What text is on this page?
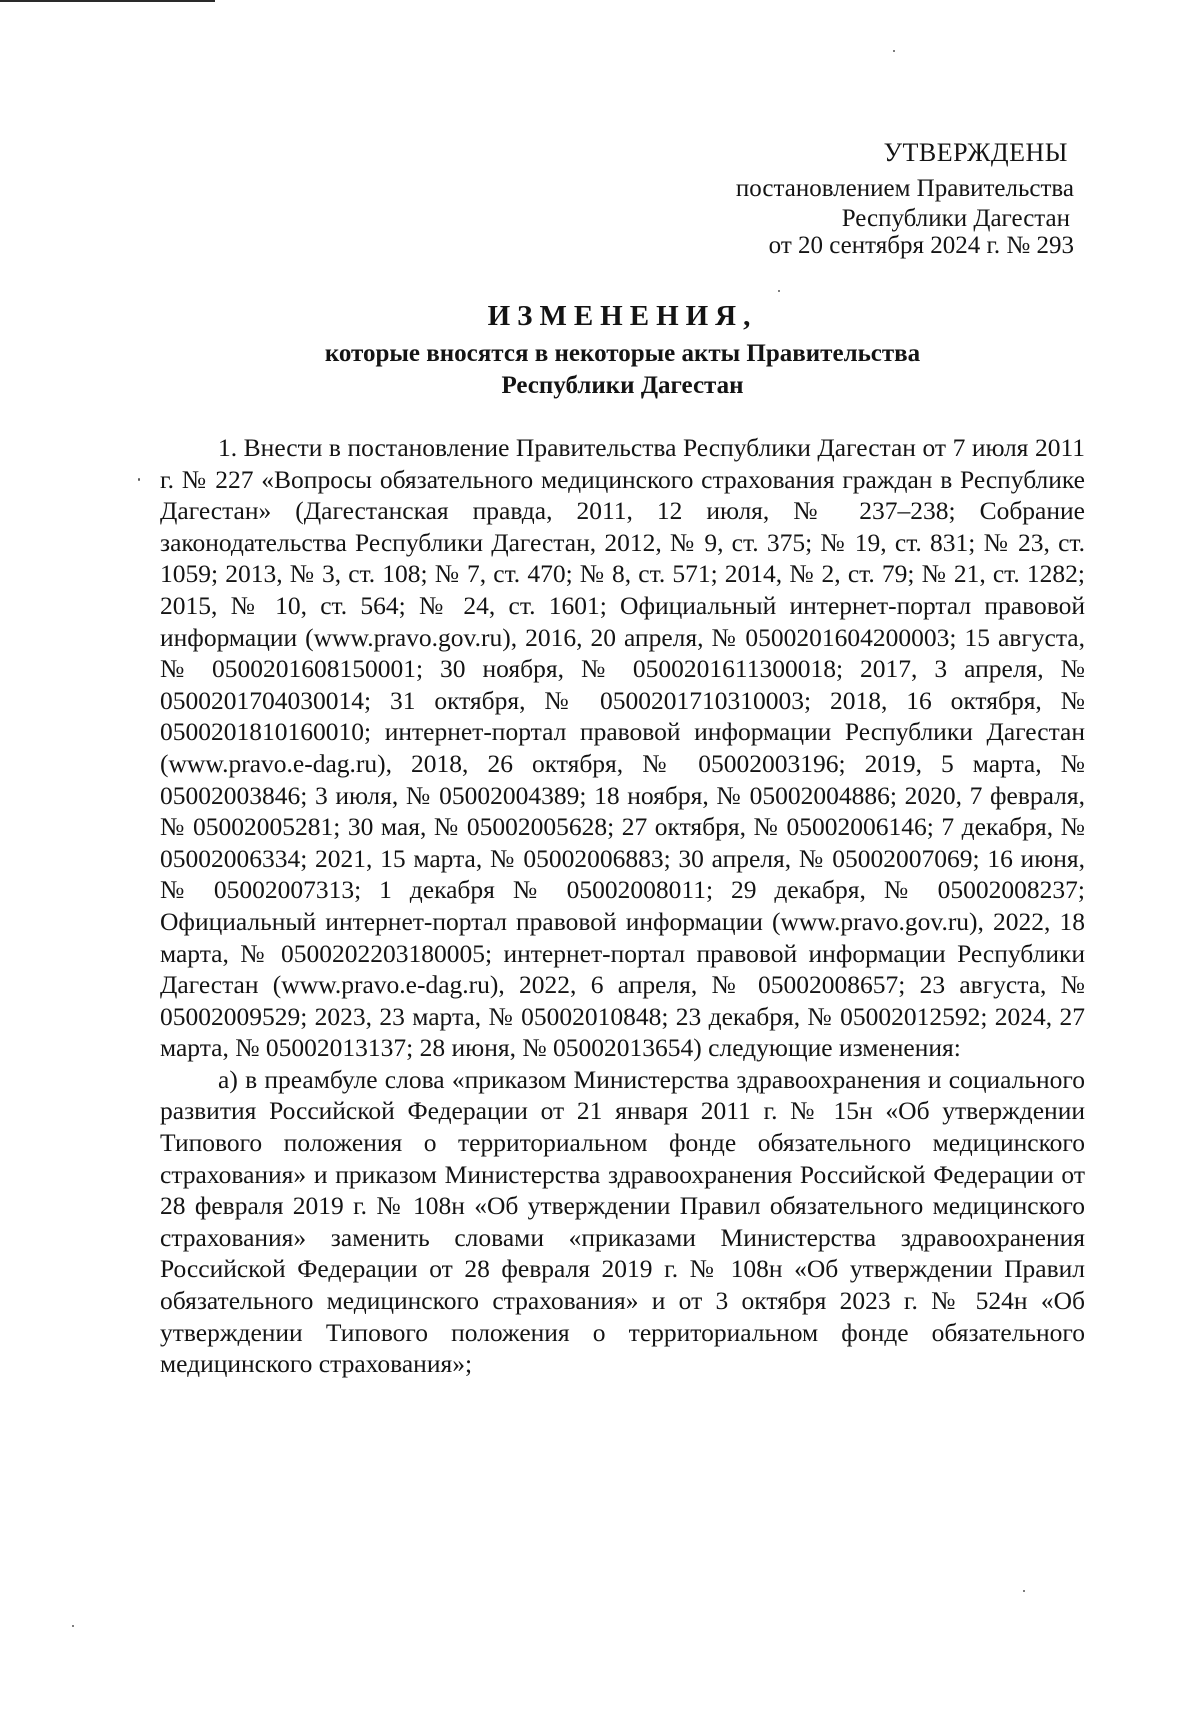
УТВЕРЖДЕНЫ
постановлением Правительства
Республики Дагестан
от 20 сентября 2024 г. № 293
ИЗМЕНЕНИЯ,
которые вносятся в некоторые акты Правительства
Республики Дагестан

1. Внести в постановление Правительства Республики Дагестан от 7 июля 2011 г. № 227 «Вопросы обязательного медицинского страхования граждан в Республике Дагестан» (Дагестанская правда, 2011, 12 июля, № 237–238; Собрание законодательства Республики Дагестан, 2012, № 9, ст. 375; № 19, ст. 831; № 23, ст. 1059; 2013, № 3, ст. 108; № 7, ст. 470; № 8, ст. 571; 2014, № 2, ст. 79; № 21, ст. 1282; 2015, № 10, ст. 564; № 24, ст. 1601; Официальный интернет-портал правовой информации (www.pravo.gov.ru), 2016, 20 апреля, № 0500201604200003; 15 августа, № 0500201608150001; 30 ноября, № 0500201611300018; 2017, 3 апреля, № 0500201704030014; 31 октября, № 0500201710310003; 2018, 16 октября, № 0500201810160010; интернет-портал правовой информации Республики Дагестан (www.pravo.e-dag.ru), 2018, 26 октября, № 05002003196; 2019, 5 марта, № 05002003846; 3 июля, № 05002004389; 18 ноября, № 05002004886; 2020, 7 февраля, № 05002005281; 30 мая, № 05002005628; 27 октября, № 05002006146; 7 декабря, № 05002006334; 2021, 15 марта, № 05002006883; 30 апреля, № 05002007069; 16 июня, № 05002007313; 1 декабря № 05002008011; 29 декабря, № 05002008237; Официальный интернет-портал правовой информации (www.pravo.gov.ru), 2022, 18 марта, № 0500202203180005; интернет-портал правовой информации Республики Дагестан (www.pravo.e-dag.ru), 2022, 6 апреля, № 05002008657; 23 августа, № 05002009529; 2023, 23 марта, № 05002010848; 23 декабря, № 05002012592; 2024, 27 марта, № 05002013137; 28 июня, № 05002013654) следующие изменения:

а) в преамбуле слова «приказом Министерства здравоохранения и социального развития Российской Федерации от 21 января 2011 г. № 15н «Об утверждении Типового положения о территориальном фонде обязательного медицинского страхования» и приказом Министерства здравоохранения Российской Федерации от 28 февраля 2019 г. № 108н «Об утверждении Правил обязательного медицинского страхования» заменить словами «приказами Министерства здравоохранения Российской Федерации от 28 февраля 2019 г. № 108н «Об утверждении Правил обязательного медицинского страхования» и от 3 октября 2023 г. № 524н «Об утверждении Типового положения о территориальном фонде обязательного медицинского страхования»;
